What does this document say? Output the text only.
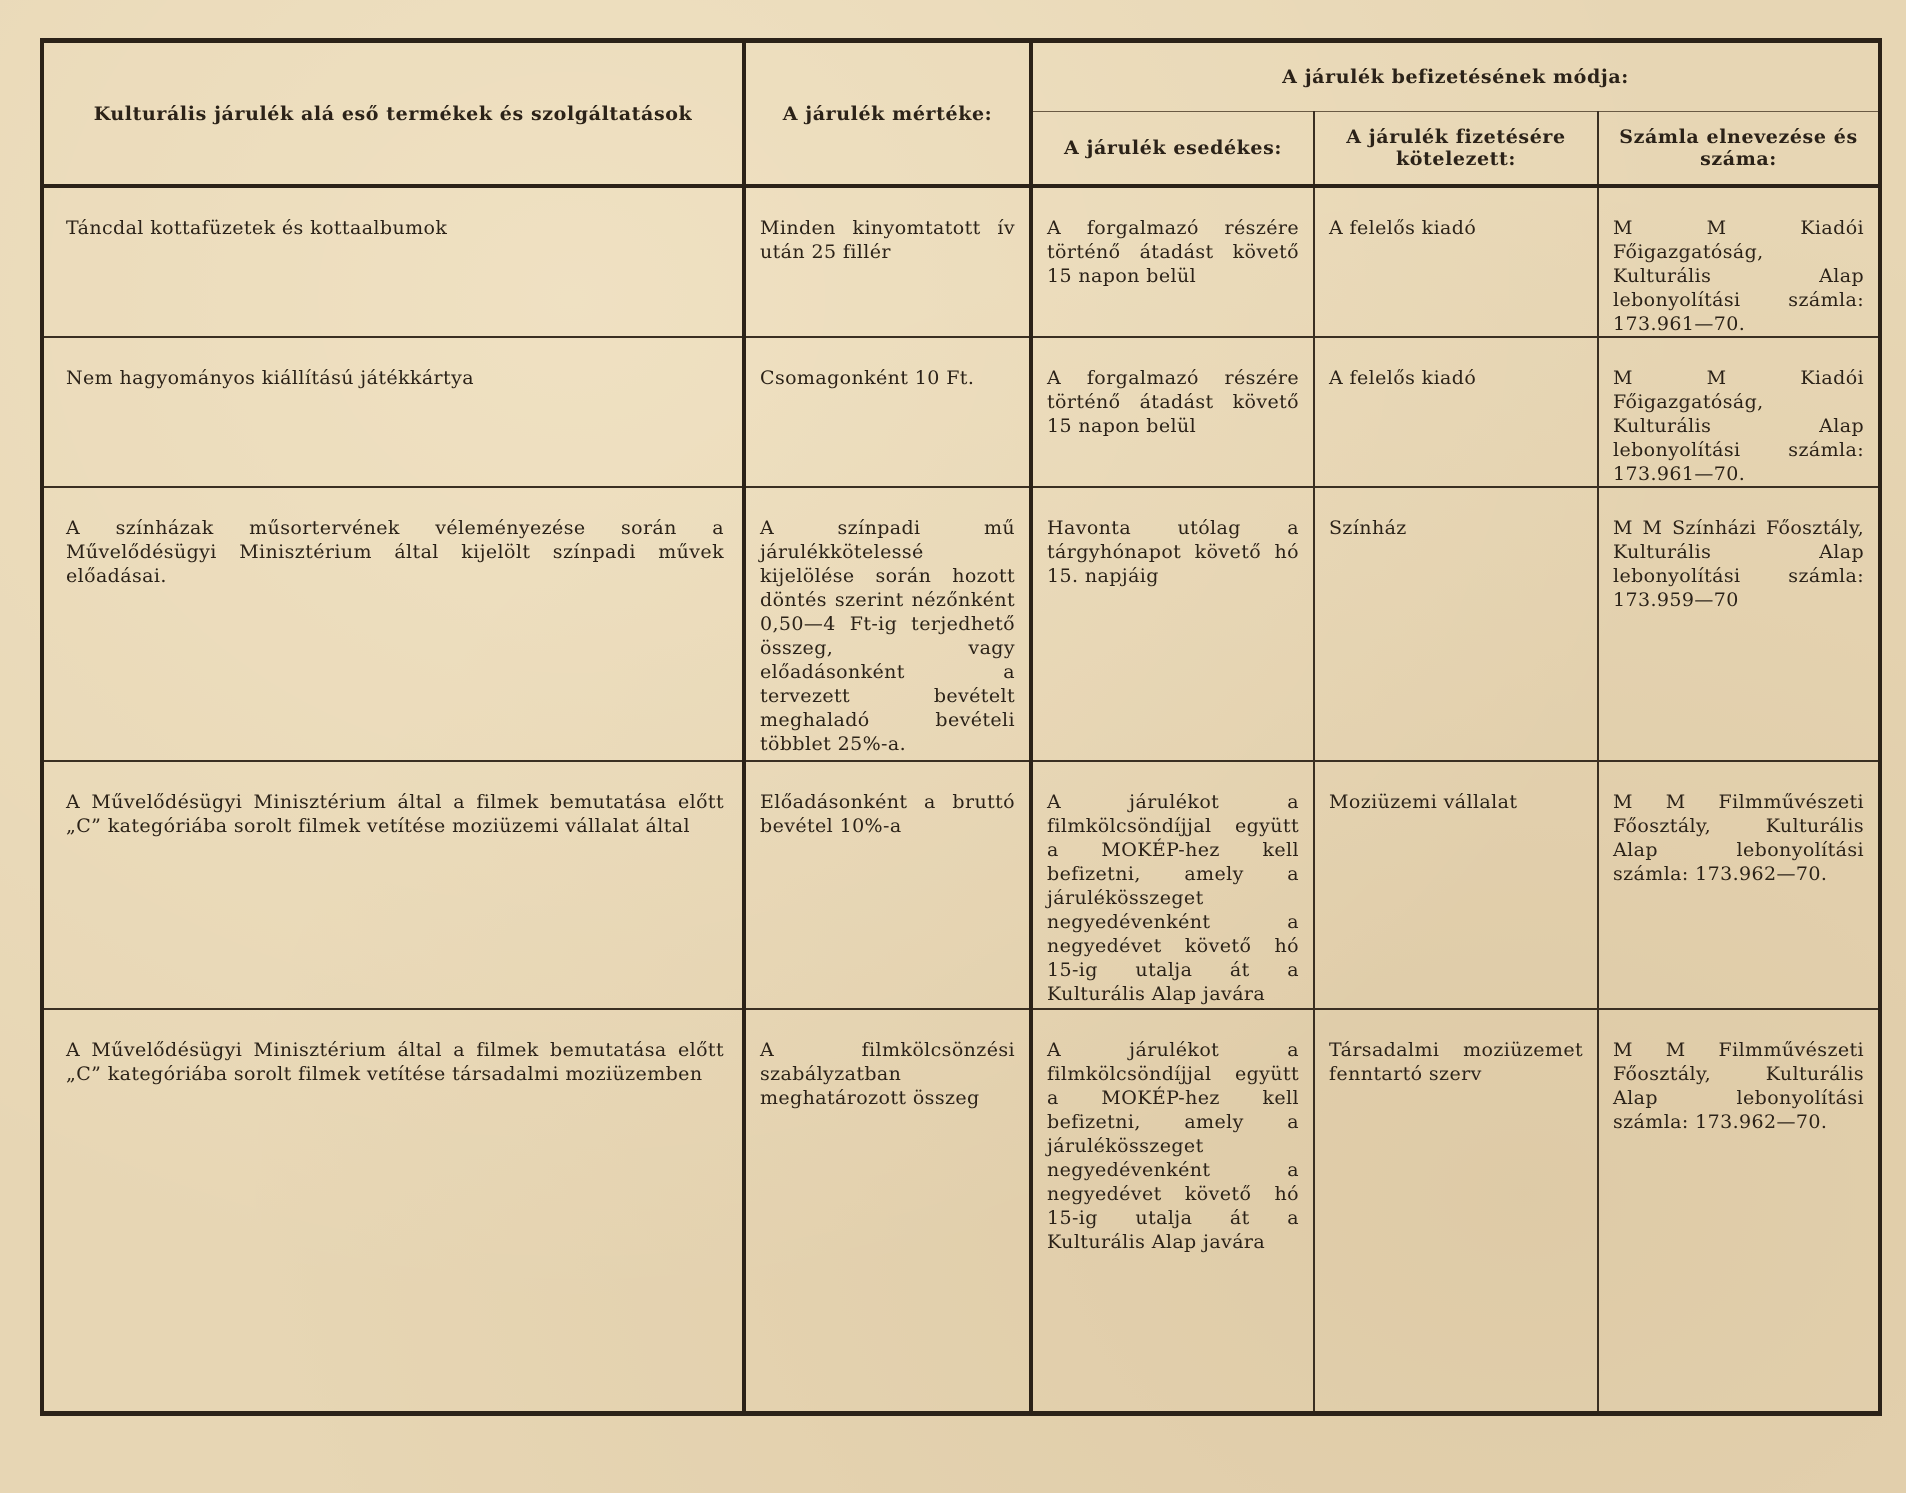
Kulturális járulék alá eső termékek és szolgáltatások	A járulék mértéke:	A járulék befizetésének módja:		
		A járulék esedékes:	A járulék fizetésére kötelezett:	Számla elnevezése és száma:

Táncdal kottafüzetek és kottaalbumok	Minden kinyomtatott ív után 25 fillér	A forgalmazó részére történő átadást követő 15 napon belül	A felelős kiadó	M M Kiadói Főigazgatóság, Kulturális Alap lebonyolítási számla: 173.961—70.

Nem hagyományos kiállítású játékkártya	Csomagonként 10 Ft.	A forgalmazó részére történő átadást követő 15 napon belül	A felelős kiadó	M M Kiadói Főigazgatóság, Kulturális Alap lebonyolítási számla: 173.961—70.

A színházak műsortervének véleményezése során a Művelődésügyi Minisztérium által kijelölt színpadi művek előadásai.	A színpadi mű járulékkötelessé kijelölése során hozott döntés szerint nézőnként 0,50—4 Ft-ig terjedhető összeg, vagy előadásonként a tervezett bevételt meghaladó bevételi többlet 25%-a.	Havonta utólag a tárgyhónapot követő hó 15. napjáig	Színház	M M Színházi Főosztály, Kulturális Alap lebonyolítási számla: 173.959—70

A Művelődésügyi Minisztérium által a filmek bemutatása előtt „C” kategóriába sorolt filmek vetítése moziüzemi vállalat által	Előadásonként a bruttó bevétel 10%-a	A járulékot a filmkölcsöndíjjal együtt a MOKÉP-hez kell befizetni, amely a járulékösszeget negyedévenként a negyedévet követő hó 15-ig utalja át a Kulturális Alap javára	Moziüzemi vállalat	M M Filmművészeti Főosztály, Kulturális Alap lebonyolítási számla: 173.962—70.

A Művelődésügyi Minisztérium által a filmek bemutatása előtt „C” kategóriába sorolt filmek vetítése társadalmi moziüzemben	A filmkölcsönzési szabályzatban meghatározott összeg	A járulékot a filmkölcsöndíjjal együtt a MOKÉP-hez kell befizetni, amely a járulékösszeget negyedévenként a negyedévet követő hó 15-ig utalja át a Kulturális Alap javára	Társadalmi moziüzemet fenntartó szerv	M M Filmművészeti Főosztály, Kulturális Alap lebonyolítási számla: 173.962—70.
